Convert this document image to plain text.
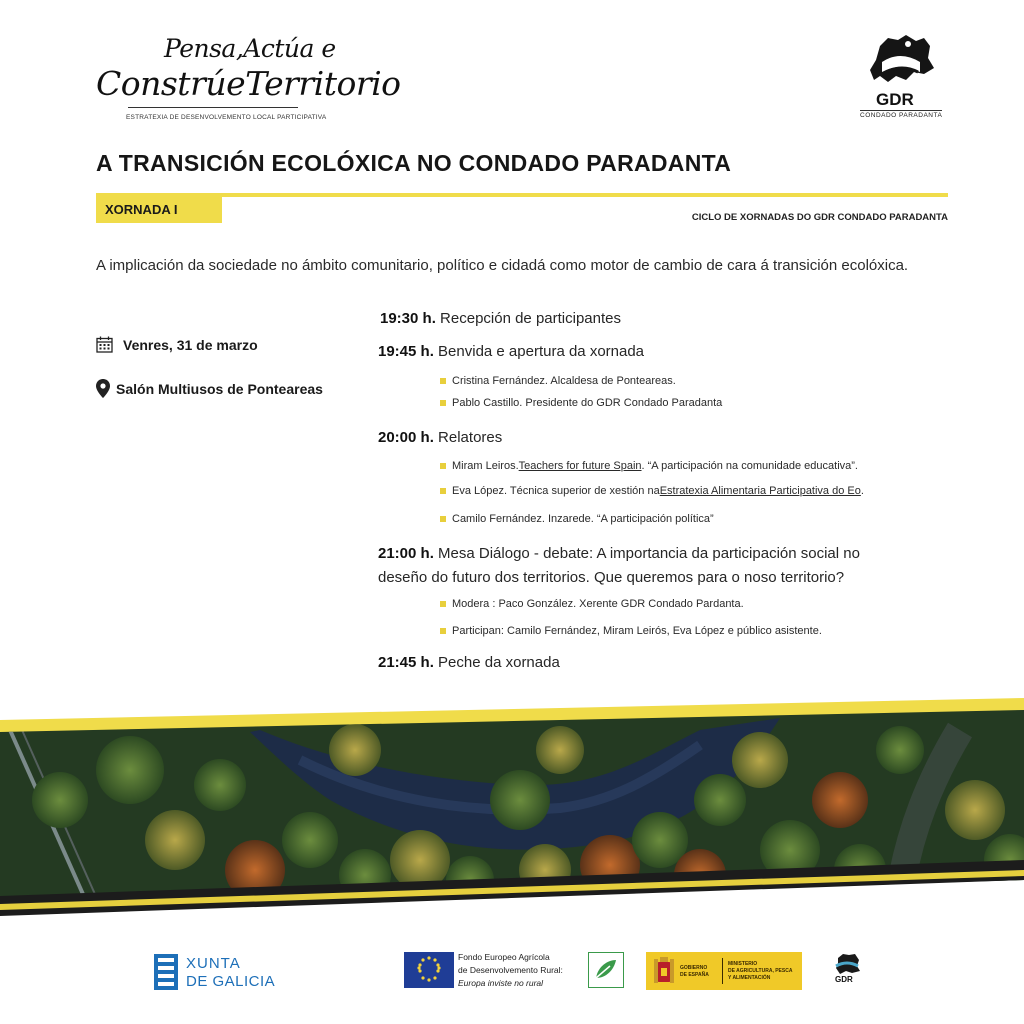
Pensa,Actúa e
ConstrúeTerritorio
ESTRATEXIA DE DESENVOLVEMENTO LOCAL PARTICIPATIVA
GDR
CONDADO PARADANTA
A TRANSICIÓN ECOLÓXICA NO CONDADO PARADANTA
XORNADA I
CICLO DE XORNADAS DO GDR CONDADO PARADANTA
A implicación da sociedade no ámbito comunitario, político e cidadá como motor de cambio de cara á transición ecolóxica.
Venres, 31 de marzo
Salón Multiusos de Ponteareas
19:30 h. Recepción de participantes
19:45 h. Benvida e apertura da xornada
Cristina Fernández. Alcaldesa de Ponteareas.
Pablo Castillo. Presidente do GDR Condado Paradanta
20:00 h. Relatores
Miram Leiros. Teachers for future Spain . “A participación na comunidade educativa”.
Eva López. Técnica superior de xestión na Estratexia Alimentaria Participativa do Eo .
Camilo Fernández. Inzarede. “A participación política”
21:00 h. Mesa Diálogo - debate: A importancia da participación social no
deseño do futuro dos territorios. Que queremos para o noso territorio?
Modera : Paco González. Xerente GDR Condado Pardanta.
Participan: Camilo Fernández, Miram Leirós, Eva López e público asistente.
21:45 h. Peche da xornada
XUNTA
DE GALICIA
Fondo Europeo Agrícola
de Desenvolvemento Rural:
Europa inviste no rural
GOBIERNO
DE ESPAÑA
MINISTERIO
DE AGRICULTURA, PESCA
Y ALIMENTACIÓN	GDR
